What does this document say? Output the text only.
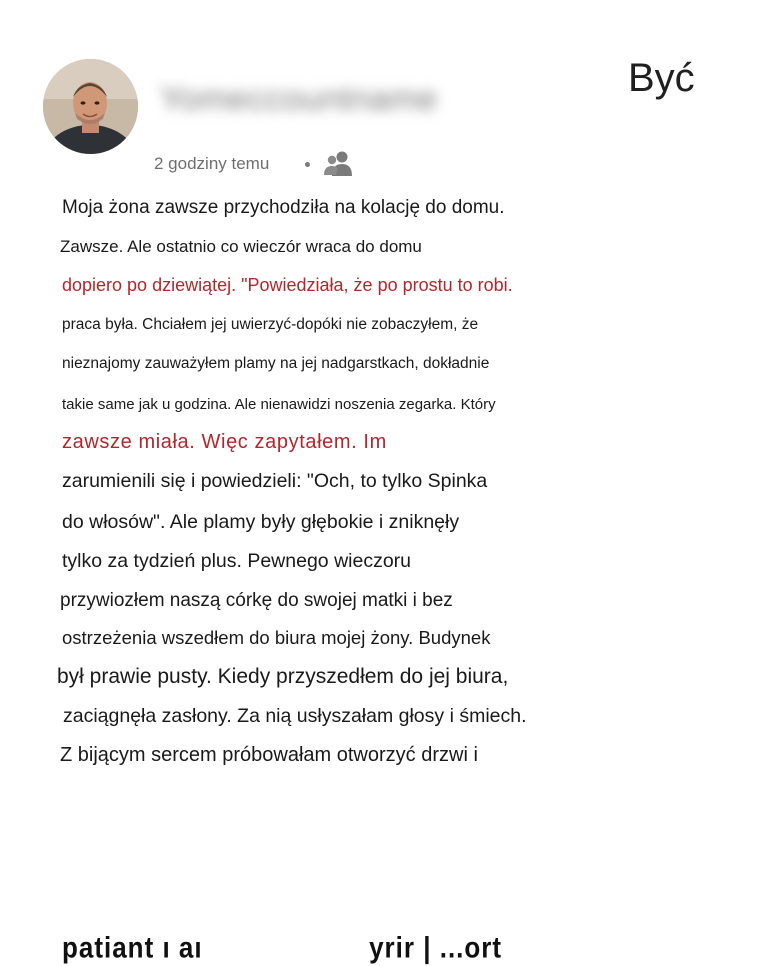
Yomeccountname	Być
2 godziny temu
Moja żona zawsze przychodziła na kolację do domu.
Zawsze. Ale ostatnio co wieczór wraca do domu
dopiero po dziewiątej. "Powiedziała, że po prostu to robi.
praca była. Chciałem jej uwierzyć-dopóki nie zobaczyłem, że
nieznajomy zauważyłem plamy na jej nadgarstkach, dokładnie
takie same jak u godzina. Ale nienawidzi noszenia zegarka. Który
zawsze miała. Więc zapytałem. Im
zarumienili się i powiedzieli: "Och, to tylko Spinka
do włosów". Ale plamy były głębokie i zniknęły
tylko za tydzień plus. Pewnego wieczoru
przywiozłem naszą córkę do swojej matki i bez
ostrzeżenia wszedłem do biura mojej żony. Budynek
był prawie pusty. Kiedy przyszedłem do jej biura,
zaciągnęła zasłony. Za nią usłyszałam głosy i śmiech.
Z bijącym sercem próbowałam otworzyć drzwi i
patiant ı aı	yrir | ...ort
